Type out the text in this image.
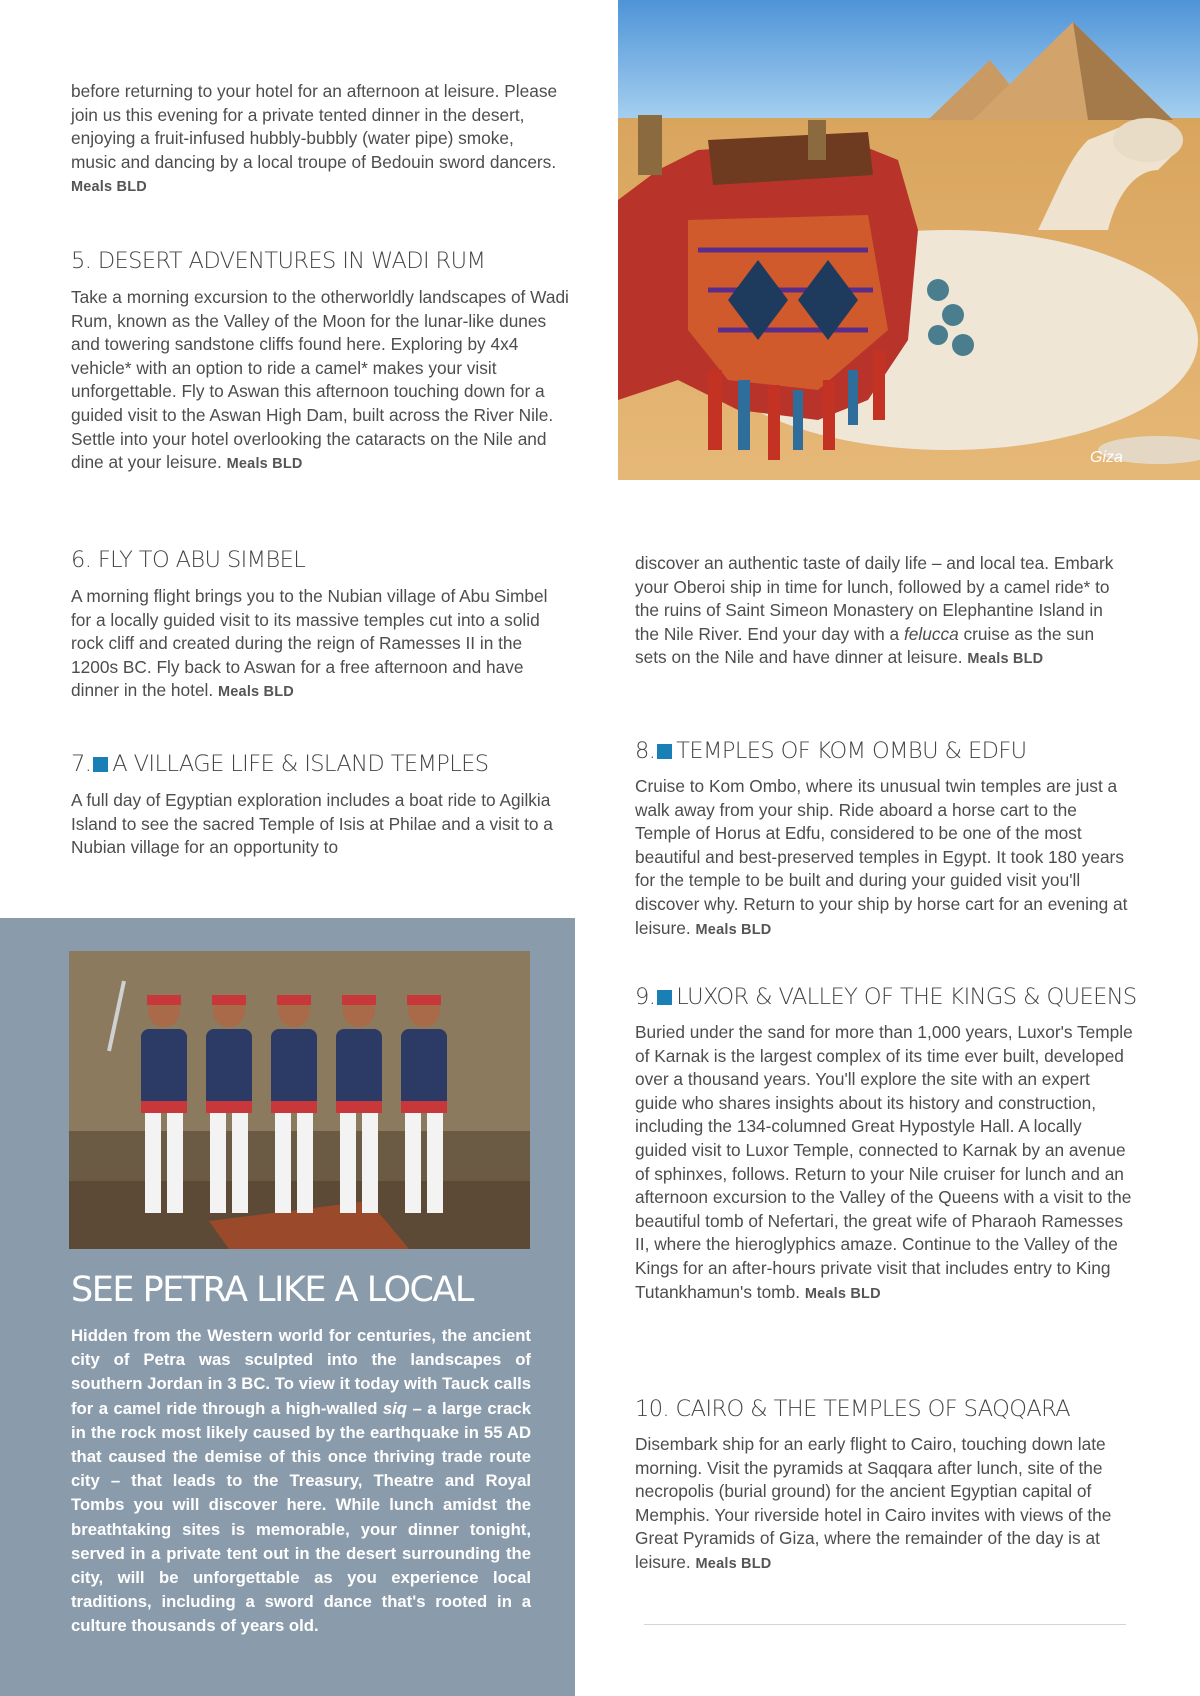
Giza

before returning to your hotel for an afternoon at leisure. Please join us this evening for a private tented dinner in the desert, enjoying a fruit-infused hubbly-bubbly (water pipe) smoke, music and dancing by a local troupe of Bedouin sword dancers. Meals BLD

5. DESERT ADVENTURES IN WADI RUM

Take a morning excursion to the otherworldly landscapes of Wadi Rum, known as the Valley of the Moon for the lunar-like dunes and towering sandstone cliffs found here. Exploring by 4x4 vehicle* with an option to ride a camel* makes your visit unforgettable. Fly to Aswan this afternoon touching down for a guided visit to the Aswan High Dam, built across the River Nile. Settle into your hotel overlooking the cataracts on the Nile and dine at your leisure. Meals BLD

6. FLY TO ABU SIMBEL

A morning flight brings you to the Nubian village of Abu Simbel for a locally guided visit to its massive temples cut into a solid rock cliff and created during the reign of Ramesses II in the 1200s BC. Fly back to Aswan for a free afternoon and have dinner in the hotel. Meals BLD

7. A VILLAGE LIFE & ISLAND TEMPLES

A full day of Egyptian exploration includes a boat ride to Agilkia Island to see the sacred Temple of Isis at Philae and a visit to a Nubian village for an opportunity to

SEE PETRA LIKE A LOCAL
Hidden from the Western world for centuries, the ancient city of Petra was sculpted into the landscapes of southern Jordan in 3 BC. To view it today with Tauck calls for a camel ride through a high-walled siq – a large crack in the rock most likely caused by the earthquake in 55 AD that caused the demise of this once thriving trade route city – that leads to the Treasury, Theatre and Royal Tombs you will discover here. While lunch amidst the breathtaking sites is memorable, your dinner tonight, served in a private tent out in the desert surrounding the city, will be unforgettable as you experience local traditions, including a sword dance that's rooted in a culture thousands of years old.

discover an authentic taste of daily life – and local tea. Embark your Oberoi ship in time for lunch, followed by a camel ride* to the ruins of Saint Simeon Monastery on Elephantine Island in the Nile River. End your day with a felucca cruise as the sun sets on the Nile and have dinner at leisure. Meals BLD

8. TEMPLES OF KOM OMBU & EDFU

Cruise to Kom Ombo, where its unusual twin temples are just a walk away from your ship. Ride aboard a horse cart to the Temple of Horus at Edfu, considered to be one of the most beautiful and best-preserved temples in Egypt. It took 180 years for the temple to be built and during your guided visit you'll discover why. Return to your ship by horse cart for an evening at leisure. Meals BLD

9. LUXOR & VALLEY OF THE KINGS & QUEENS

Buried under the sand for more than 1,000 years, Luxor's Temple of Karnak is the largest complex of its time ever built, developed over a thousand years. You'll explore the site with an expert guide who shares insights about its history and construction, including the 134-columned Great Hypostyle Hall. A locally guided visit to Luxor Temple, connected to Karnak by an avenue of sphinxes, follows. Return to your Nile cruiser for lunch and an afternoon excursion to the Valley of the Queens with a visit to the beautiful tomb of Nefertari, the great wife of Pharaoh Ramesses II, where the hieroglyphics amaze. Continue to the Valley of the Kings for an after-hours private visit that includes entry to King Tutankhamun's tomb. Meals BLD

10. CAIRO & THE TEMPLES OF SAQQARA

Disembark ship for an early flight to Cairo, touching down late morning. Visit the pyramids at Saqqara after lunch, site of the necropolis (burial ground) for the ancient Egyptian capital of Memphis. Your riverside hotel in Cairo invites with views of the Great Pyramids of Giza, where the remainder of the day is at leisure. Meals BLD
